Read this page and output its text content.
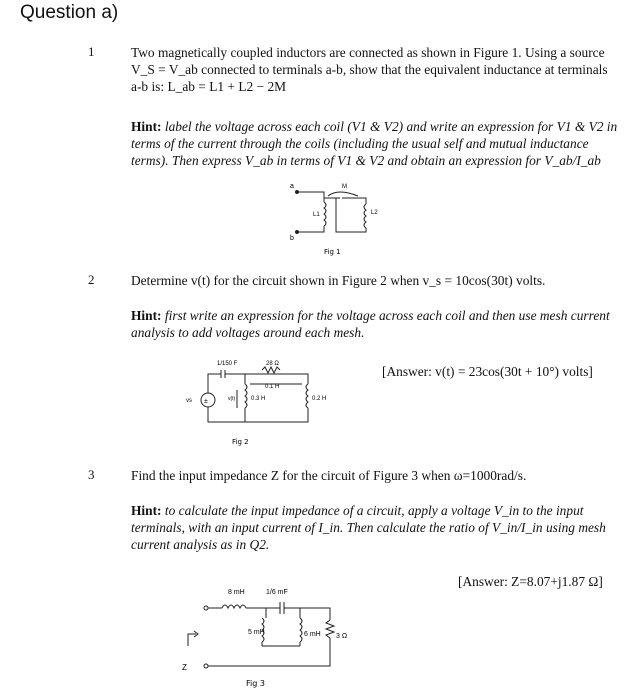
Question a)
1	Two magnetically coupled inductors are connected as shown in Figure 1. Using a source V_S = V_ab connected to terminals a-b, show that the equivalent inductance at terminals a-b is: L_ab = L1 + L2 − 2M
Hint: label the voltage across each coil (V1 & V2) and write an expression for V1 & V2 in terms of the current through the coils (including the usual self and mutual inductance terms). Then express V_ab in terms of V1 & V2 and obtain an expression for V_ab/I_ab
a
b
L1	L2
M
Fig 1
2	Determine v(t) for the circuit shown in Figure 2 when v_s = 10cos(30t) volts.
Hint: first write an expression for the voltage across each coil and then use mesh current analysis to add voltages around each mesh.
[Answer: v(t) = 23cos(30t + 10°) volts]
±
vs
1/150 F	28 Ω
0.1 H
0.3 H	0.2 H
v(t)
Fig 2
3	Find the input impedance Z for the circuit of Figure 3 when ω=1000rad/s.
Hint: to calculate the input impedance of a circuit, apply a voltage V_in to the input terminals, with an input current of I_in. Then calculate the ratio of V_in/I_in using mesh current analysis as in Q2.
[Answer: Z=8.07+j1.87 Ω]
8 mH	1/6 mF
5 mH	6 mH 3 Ω
Z
Fig 3
